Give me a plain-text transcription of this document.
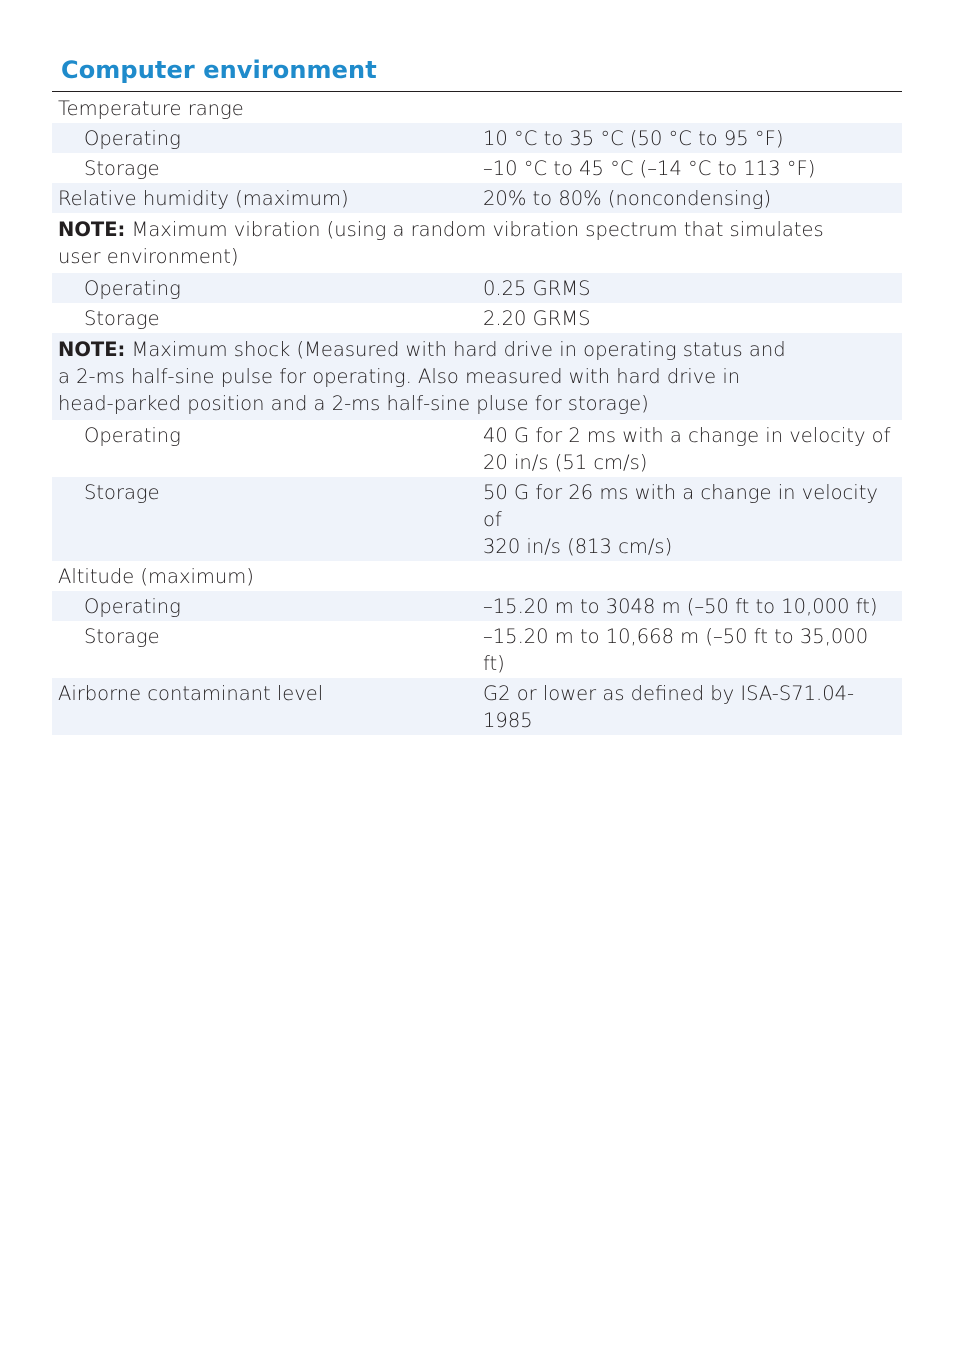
Computer environment
Temperature range	
Operating	10 °C to 35 °C (50 °C to 95 °F)
Storage	–10 °C to 45 °C (–14 °C to 113 °F)
Relative humidity (maximum)	20% to 80% (noncondensing)
NOTE: Maximum vibration (using a random vibration spectrum that simulates
user environment)	
Operating	0.25 GRMS
Storage	2.20 GRMS
NOTE: Maximum shock (Measured with hard drive in operating status and
a 2-ms half-sine pulse for operating. Also measured with hard drive in
head-parked position and a 2-ms half-sine pluse for storage)	
Operating	40 G for 2 ms with a change in velocity of
20 in/s (51 cm/s)
Storage	50 G for 26 ms with a change in velocity of
320 in/s (813 cm/s)
Altitude (maximum)	
Operating	–15.20 m to 3048 m (–50 ft to 10,000 ft)
Storage	–15.20 m to 10,668 m (–50 ft to 35,000 ft)
Airborne contaminant level	G2 or lower as defined by ISA-S71.04-1985
